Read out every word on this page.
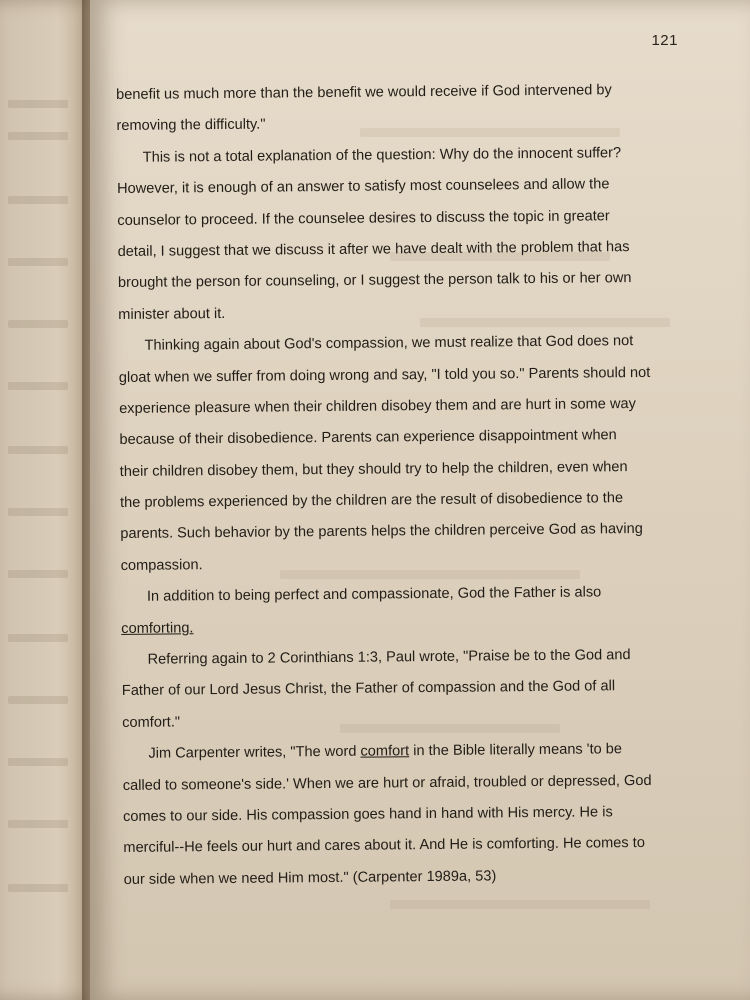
121
benefit us much more than the benefit we would receive if God intervened by
removing the difficulty."
This is not a total explanation of the question: Why do the innocent suffer?
However, it is enough of an answer to satisfy most counselees and allow the
counselor to proceed. If the counselee desires to discuss the topic in greater
detail, I suggest that we discuss it after we have dealt with the problem that has
brought the person for counseling, or I suggest the person talk to his or her own
minister about it.
Thinking again about God's compassion, we must realize that God does not
gloat when we suffer from doing wrong and say, "I told you so." Parents should not
experience pleasure when their children disobey them and are hurt in some way
because of their disobedience. Parents can experience disappointment when
their children disobey them, but they should try to help the children, even when
the problems experienced by the children are the result of disobedience to the
parents. Such behavior by the parents helps the children perceive God as having
compassion.
In addition to being perfect and compassionate, God the Father is also
comforting.
Referring again to 2 Corinthians 1:3, Paul wrote, "Praise be to the God and
Father of our Lord Jesus Christ, the Father of compassion and the God of all
comfort."
Jim Carpenter writes, "The word comfort in the Bible literally means 'to be
called to someone's side.' When we are hurt or afraid, troubled or depressed, God
comes to our side. His compassion goes hand in hand with His mercy. He is
merciful--He feels our hurt and cares about it. And He is comforting. He comes to
our side when we need Him most." (Carpenter 1989a, 53)
